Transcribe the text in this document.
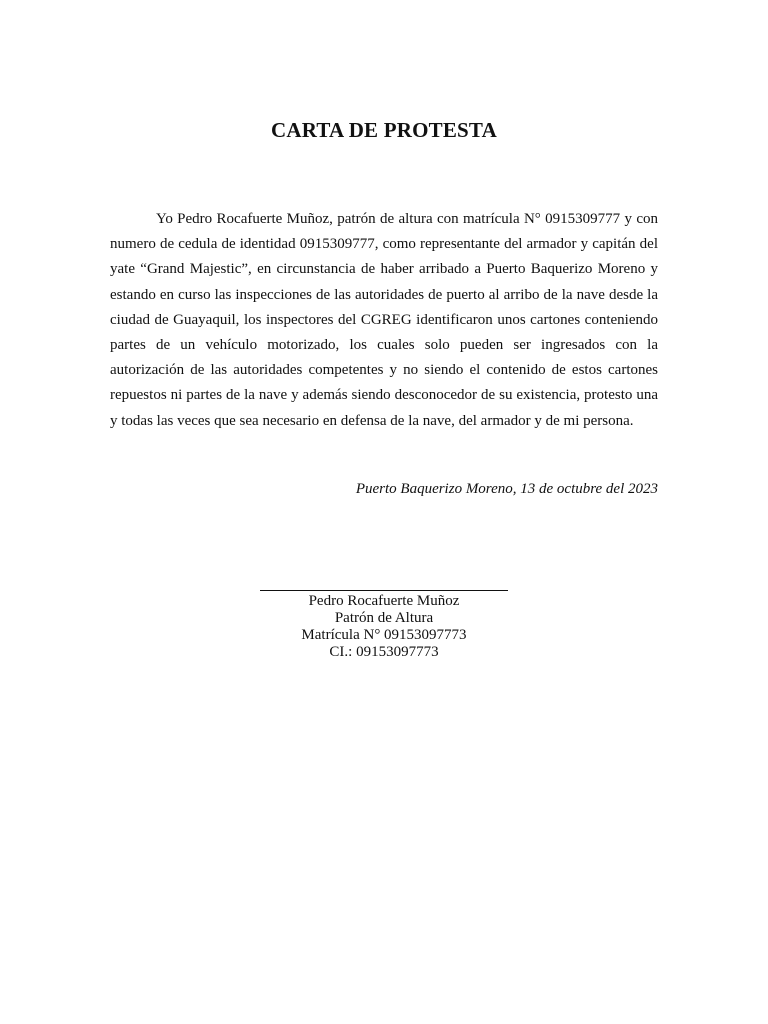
CARTA DE PROTESTA

Yo Pedro Rocafuerte Muñoz, patrón de altura con matrícula N° 0915309777 y con numero de cedula de identidad 0915309777, como representante del armador y capitán del yate “Grand Majestic”, en circunstancia de haber arribado a Puerto Baquerizo Moreno y estando en curso las inspecciones de las autoridades de puerto al arribo de la nave desde la ciudad de Guayaquil, los inspectores del CGREG identificaron unos cartones conteniendo partes de un vehículo motorizado, los cuales solo pueden ser ingresados con la autorización de las autoridades competentes y no siendo el contenido de estos cartones repuestos ni partes de la nave y además siendo desconocedor de su existencia, protesto una y todas las veces que sea necesario en defensa de la nave, del armador y de mi persona.

Puerto Baquerizo Moreno, 13 de octubre del 2023

Pedro Rocafuerte Muñoz
Patrón de Altura
Matrícula N° 09153097773
CI.: 09153097773
